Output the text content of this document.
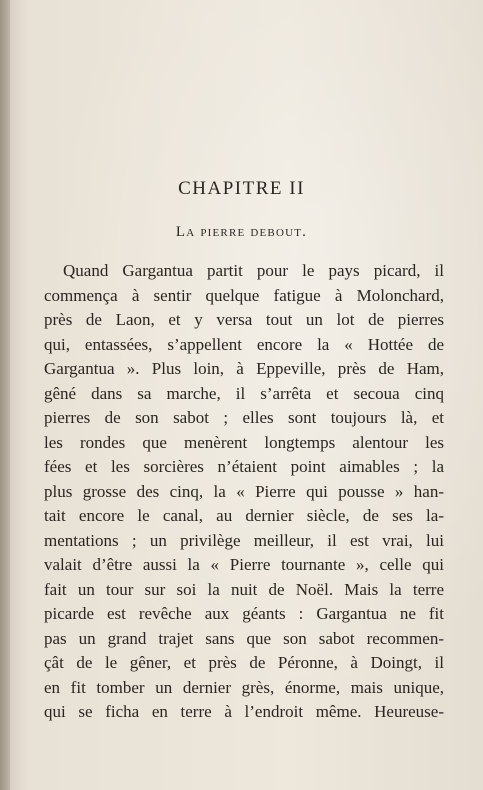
CHAPITRE II
La pierre debout.
Quand Gargantua partit pour le pays picard, il
commença à sentir quelque fatigue à Molonchard,
près de Laon, et y versa tout un lot de pierres
qui, entassées, s’appellent encore la « Hottée de
Gargantua ». Plus loin, à Eppeville, près de Ham,
gêné dans sa marche, il s’arrêta et secoua cinq
pierres de son sabot ; elles sont toujours là, et
les rondes que menèrent longtemps alentour les
fées et les sorcières n’étaient point aimables ; la
plus grosse des cinq, la « Pierre qui pousse » han-
tait encore le canal, au dernier siècle, de ses la-
mentations ; un privilège meilleur, il est vrai, lui
valait d’être aussi la « Pierre tournante », celle qui
fait un tour sur soi la nuit de Noël. Mais la terre
picarde est revêche aux géants : Gargantua ne fit
pas un grand trajet sans que son sabot recommen-
çât de le gêner, et près de Péronne, à Doingt, il
en fit tomber un dernier grès, énorme, mais unique,
qui se ficha en terre à l’endroit même. Heureuse-
